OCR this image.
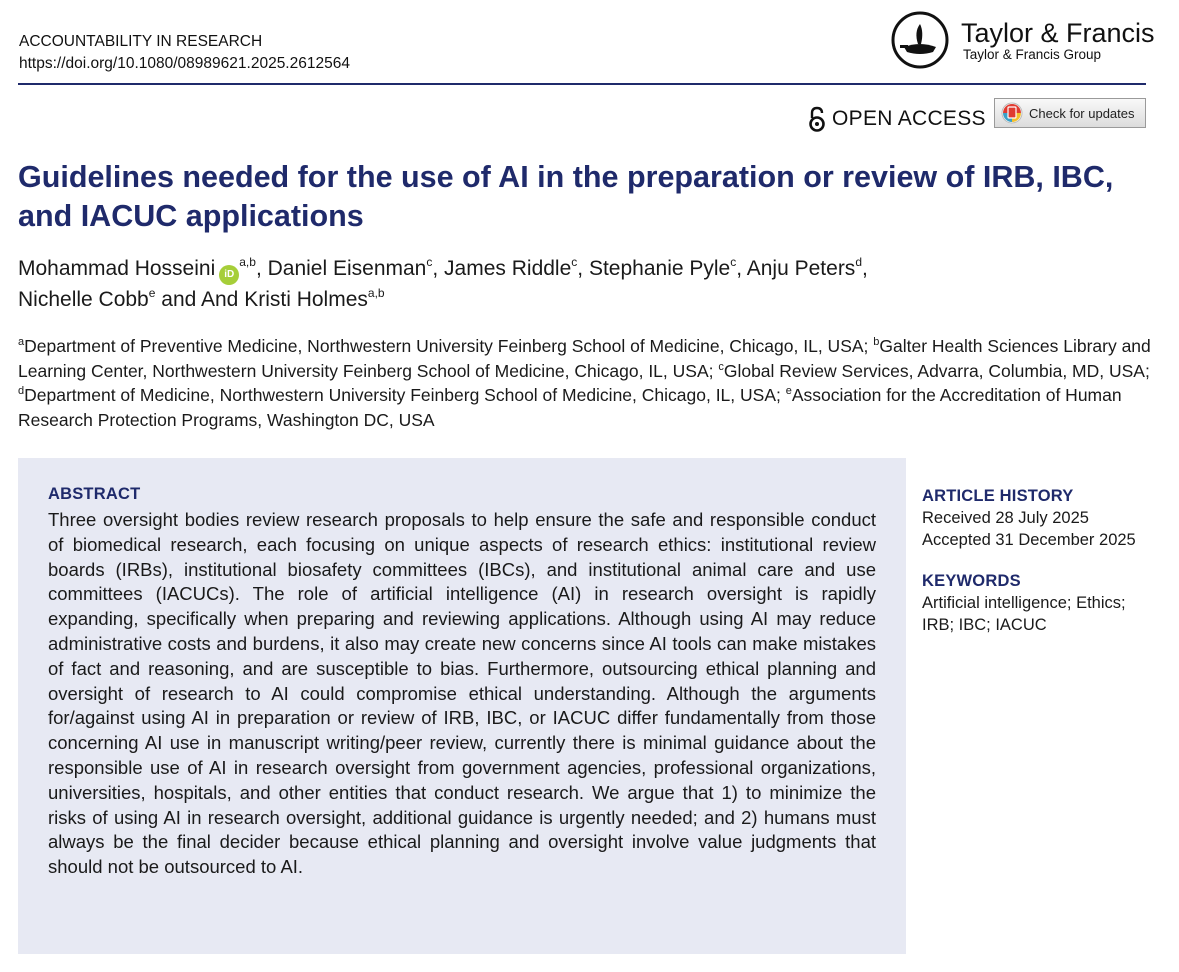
ACCOUNTABILITY IN RESEARCH
https://doi.org/10.1080/08989621.2025.2612564
Taylor & Francis
Taylor & Francis Group
OPEN ACCESS	Check for updates
Guidelines needed for the use of AI in the preparation or review of IRB, IBC, and IACUC applications
Mohammad Hosseini iD$^{a,b}$, Daniel Eisenman$^c$, James Riddle$^c$, Stephanie Pyle$^c$, Anju Peters$^d$,
Nichelle Cobb$^e$ and And Kristi Holmes$^{a,b}$
$^a$Department of Preventive Medicine, Northwestern University Feinberg School of Medicine, Chicago, IL, USA; $^b$Galter Health Sciences Library and Learning Center, Northwestern University Feinberg School of Medicine, Chicago, IL, USA; $^c$Global Review Services, Advarra, Columbia, MD, USA; $^d$Department of Medicine, Northwestern University Feinberg School of Medicine, Chicago, IL, USA; $^e$Association for the Accreditation of Human Research Protection Programs, Washington DC, USA
ABSTRACT

Three oversight bodies review research proposals to help ensure the safe and responsible conduct of biomedical research, each focusing on unique aspects of research ethics: institutional review boards (IRBs), institutional biosafety committees (IBCs), and institutional animal care and use committees (IACUCs). The role of artificial intelligence (AI) in research oversight is rapidly expanding, specifically when preparing and reviewing applications. Although using AI may reduce administrative costs and burdens, it also may create new concerns since AI tools can make mistakes of fact and reasoning, and are susceptible to bias. Furthermore, outsourcing ethical planning and oversight of research to AI could compromise ethical understanding. Although the arguments for/against using AI in preparation or review of IRB, IBC, or IACUC differ fundamentally from those concerning AI use in manuscript writing/peer review, currently there is minimal guidance about the responsible use of AI in research oversight from government agencies, professional organizations, universities, hospitals, and other entities that conduct research. We argue that 1) to minimize the risks of using AI in research oversight, additional guidance is urgently needed; and 2) humans must always be the final decider because ethical planning and oversight involve value judgments that should not be outsourced to AI.

ARTICLE HISTORY
Received 28 July 2025
Accepted 31 December 2025
KEYWORDS
Artificial intelligence; Ethics;
IRB; IBC; IACUC
